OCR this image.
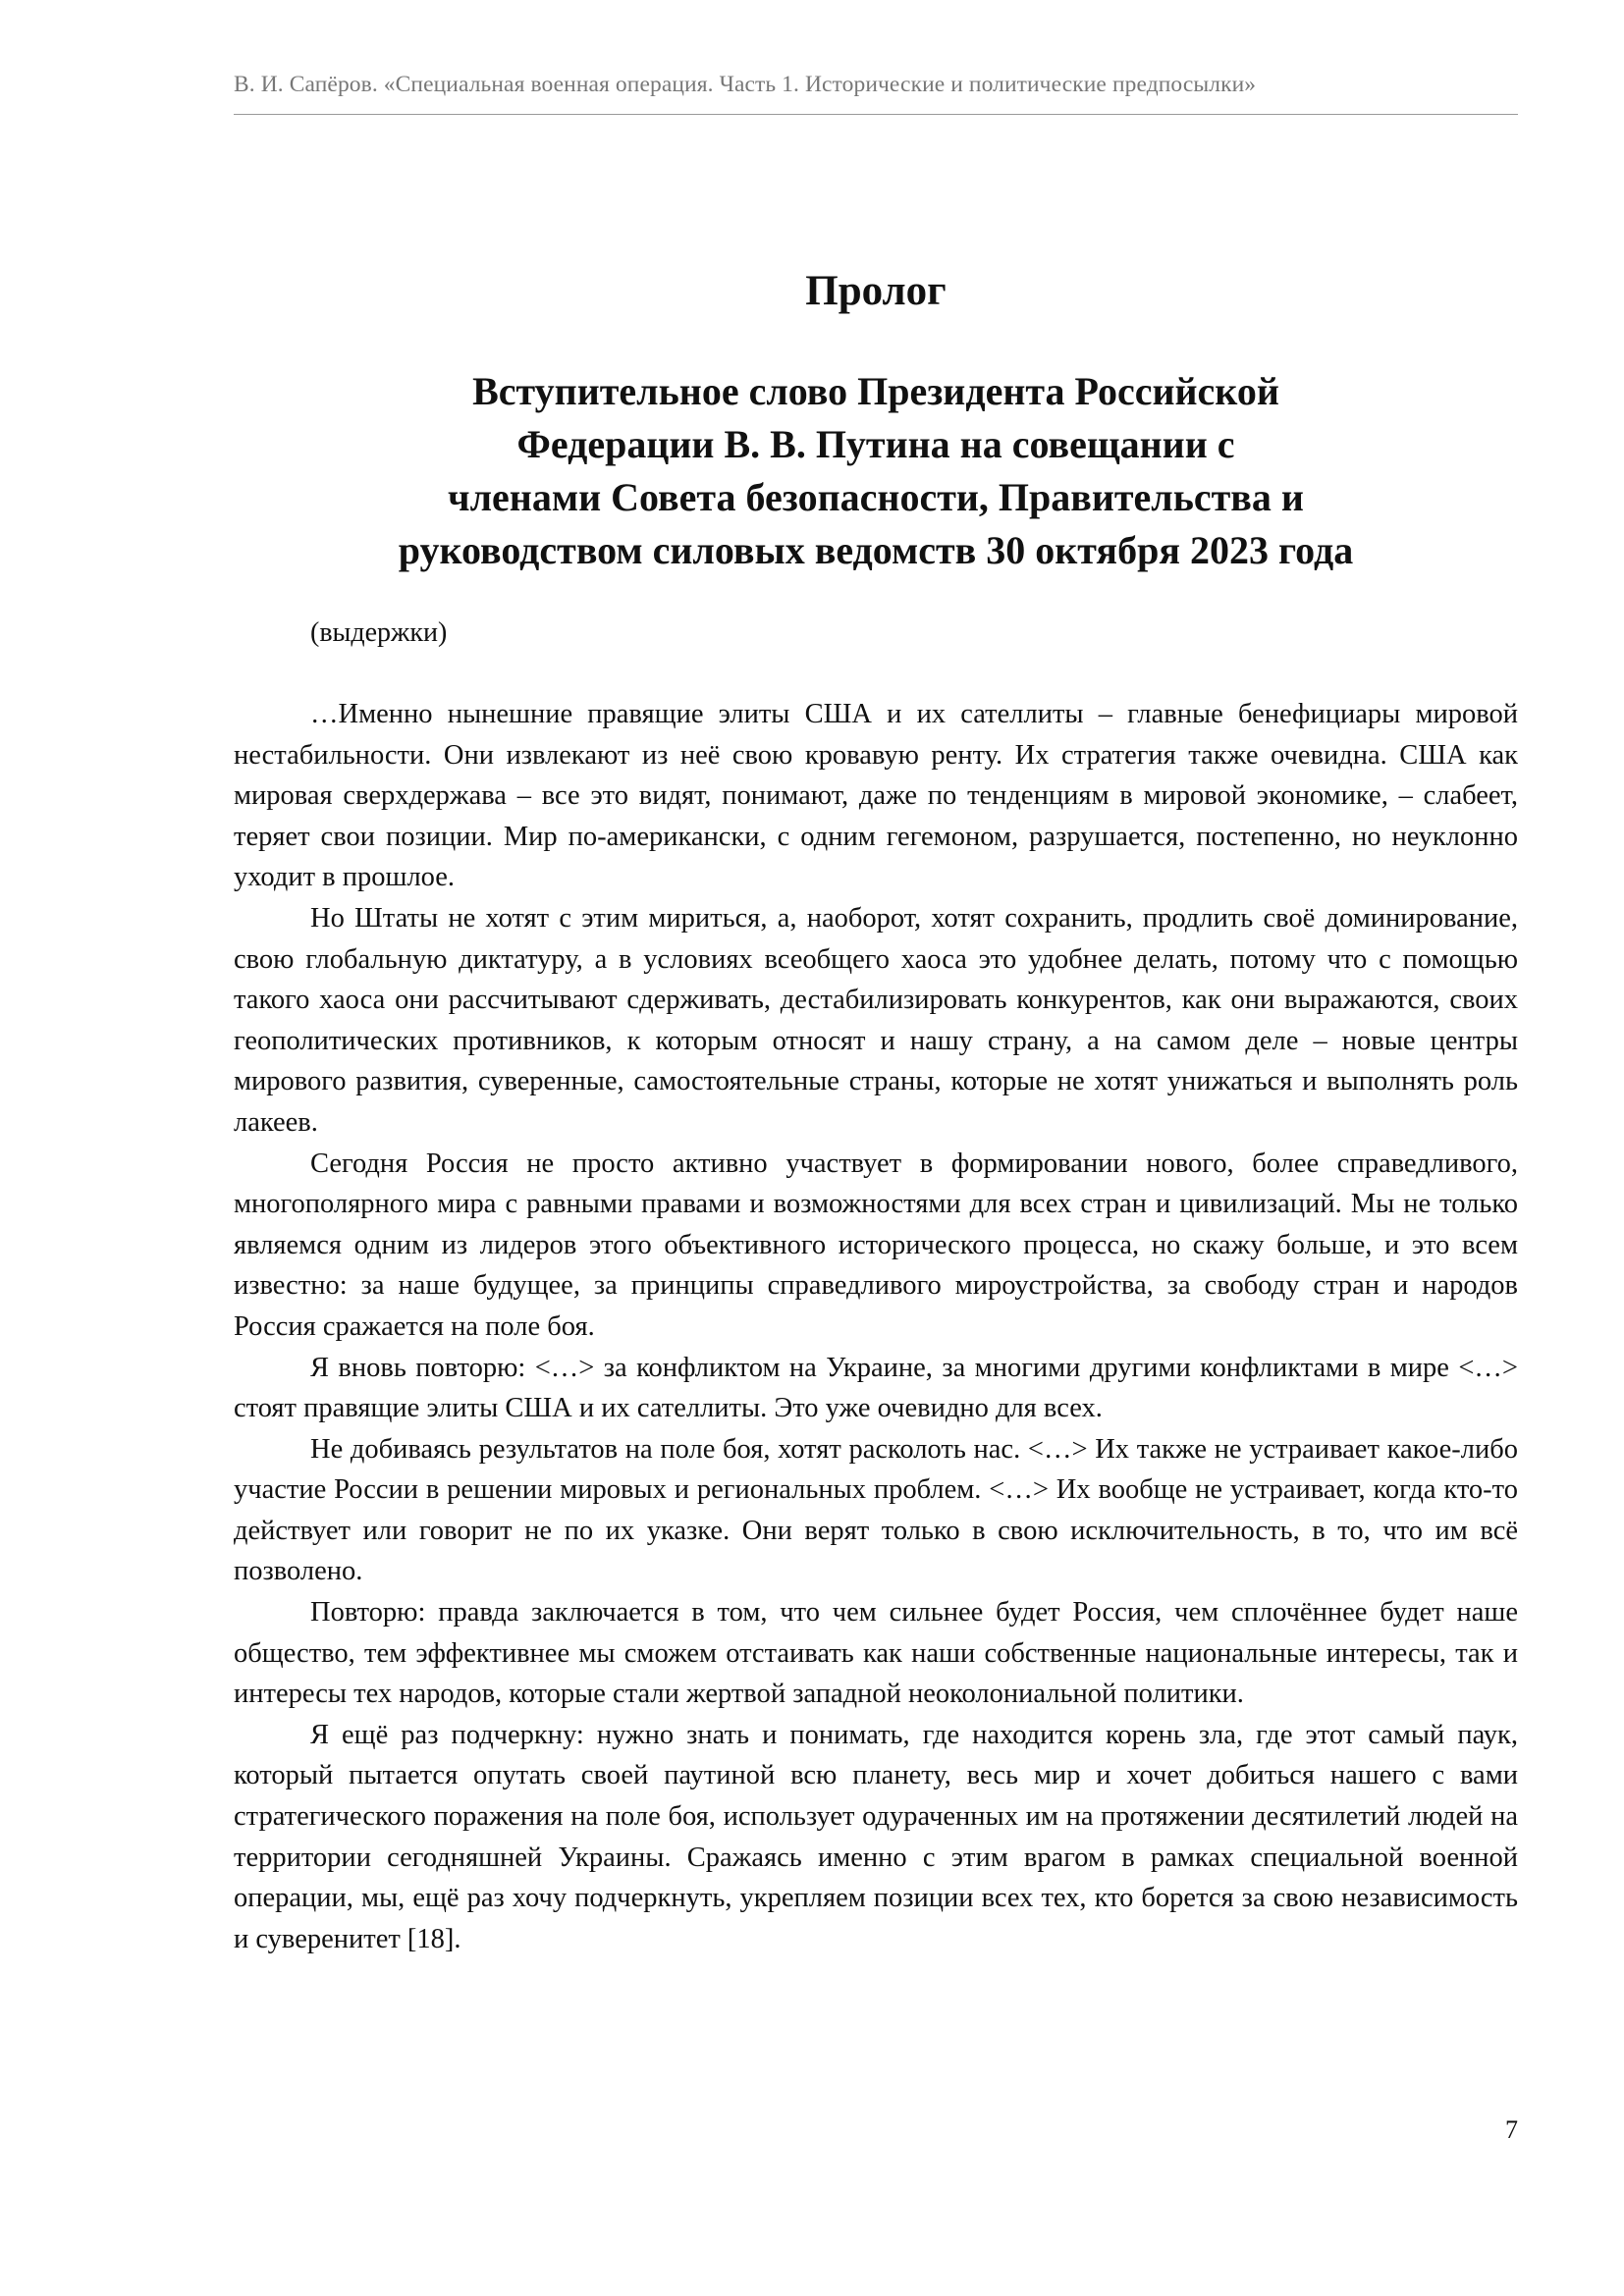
В. И. Сапёров. «Специальная военная операция. Часть 1. Исторические и политические предпосылки»
Пролог
Вступительное слово Президента Российской
Федерации В. В. Путина на совещании с
членами Совета безопасности, Правительства и
руководством силовых ведомств 30 октября 2023 года
(выдержки)

…Именно нынешние правящие элиты США и их сателлиты – главные бенефициары мировой нестабильности. Они извлекают из неё свою кровавую ренту. Их стратегия также очевидна. США как мировая сверхдержава – все это видят, понимают, даже по тенденциям в мировой экономике, – слабеет, теряет свои позиции. Мир по-американски, с одним гегемоном, разрушается, постепенно, но неуклонно уходит в прошлое.

Но Штаты не хотят с этим мириться, а, наоборот, хотят сохранить, продлить своё доминирование, свою глобальную диктатуру, а в условиях всеобщего хаоса это удобнее делать, потому что с помощью такого хаоса они рассчитывают сдерживать, дестабилизировать конкурентов, как они выражаются, своих геополитических противников, к которым относят и нашу страну, а на самом деле – новые центры мирового развития, суверенные, самостоятельные страны, которые не хотят унижаться и выполнять роль лакеев.

Сегодня Россия не просто активно участвует в формировании нового, более справедливого, многополярного мира с равными правами и возможностями для всех стран и цивилизаций. Мы не только являемся одним из лидеров этого объективного исторического процесса, но скажу больше, и это всем известно: за наше будущее, за принципы справедливого мироустройства, за свободу стран и народов Россия сражается на поле боя.

Я вновь повторю: <…> за конфликтом на Украине, за многими другими конфликтами в мире <…> стоят правящие элиты США и их сателлиты. Это уже очевидно для всех.

Не добиваясь результатов на поле боя, хотят расколоть нас. <…> Их также не устраивает какое-либо участие России в решении мировых и региональных проблем. <…> Их вообще не устраивает, когда кто-то действует или говорит не по их указке. Они верят только в свою исключительность, в то, что им всё позволено.

Повторю: правда заключается в том, что чем сильнее будет Россия, чем сплочённее будет наше общество, тем эффективнее мы сможем отстаивать как наши собственные национальные интересы, так и интересы тех народов, которые стали жертвой западной неоколониальной политики.

Я ещё раз подчеркну: нужно знать и понимать, где находится корень зла, где этот самый паук, который пытается опутать своей паутиной всю планету, весь мир и хочет добиться нашего с вами стратегического поражения на поле боя, использует одураченных им на протяжении десятилетий людей на территории сегодняшней Украины. Сражаясь именно с этим врагом в рамках специальной военной операции, мы, ещё раз хочу подчеркнуть, укрепляем позиции всех тех, кто борется за свою независимость и суверенитет [18].

7
